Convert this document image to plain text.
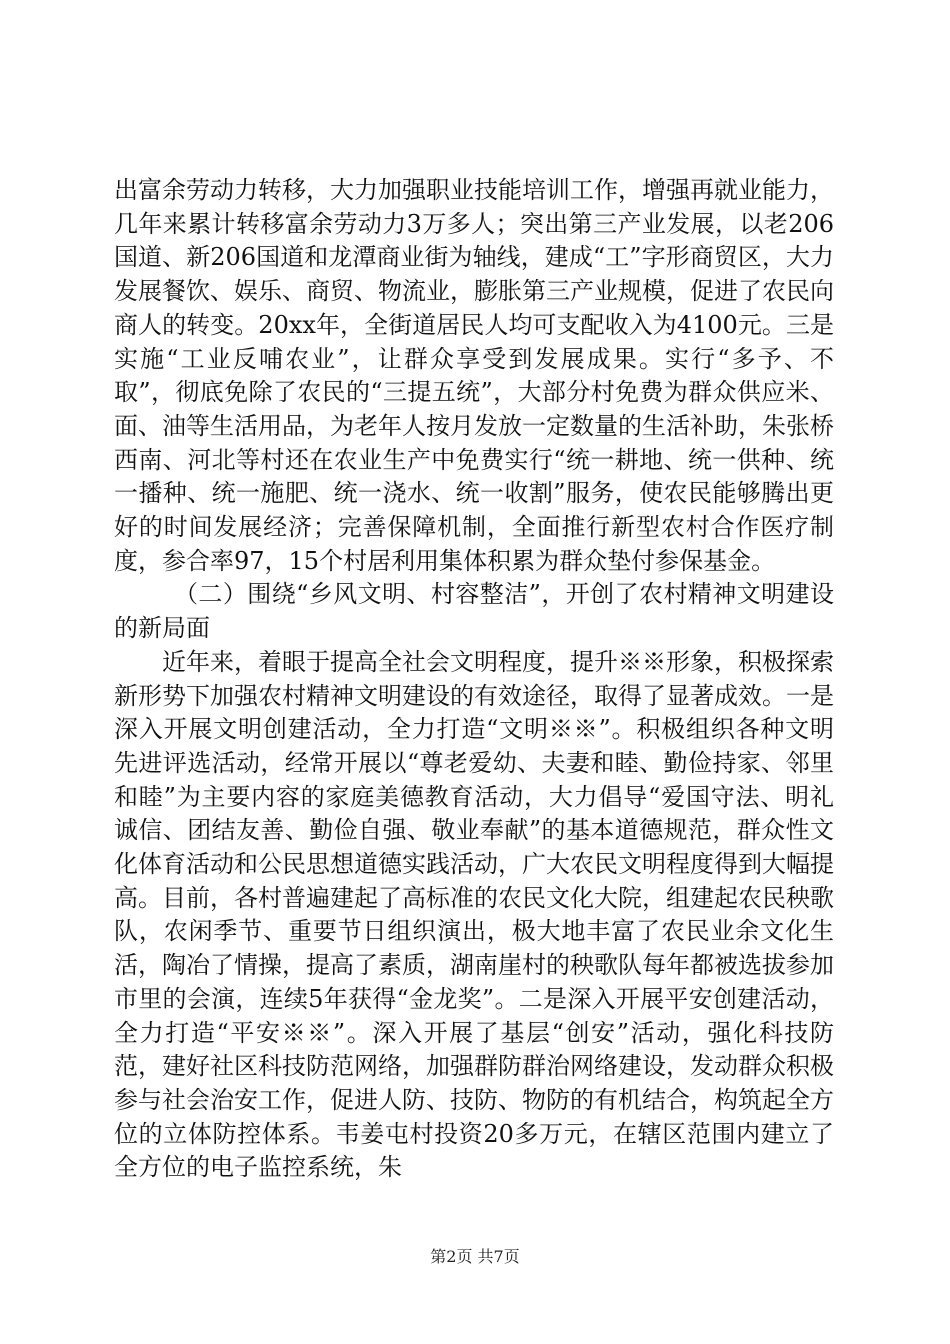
出富余劳动力转移，大力加强职业技能培训工作，增强再就业能力，几年来累计转移富余劳动力3万多人；突出第三产业发展，以老206国道、新206国道和龙潭商业街为轴线，建成“工”字形商贸区，大力发展餐饮、娱乐、商贸、物流业，膨胀第三产业规模，促进了农民向商人的转变。20xx年，全街道居民人均可支配收入为4100元。三是实施“工业反哺农业”，让群众享受到发展成果。实行“多予、不取”，彻底免除了农民的“三提五统”，大部分村免费为群众供应米、面、油等生活用品，为老年人按月发放一定数量的生活补助，朱张桥西南、河北等村还在农业生产中免费实行“统一耕地、统一供种、统一播种、统一施肥、统一浇水、统一收割”服务，使农民能够腾出更好的时间发展经济；完善保障机制，全面推行新型农村合作医疗制度，参合率97，15个村居利用集体积累为群众垫付参保基金。

（二）围绕“乡风文明、村容整洁”，开创了农村精神文明建设的新局面

近年来，着眼于提高全社会文明程度，提升※※形象，积极探索新形势下加强农村精神文明建设的有效途径，取得了显著成效。一是深入开展文明创建活动，全力打造“文明※※”。积极组织各种文明先进评选活动，经常开展以“尊老爱幼、夫妻和睦、勤俭持家、邻里和睦”为主要内容的家庭美德教育活动，大力倡导“爱国守法、明礼诚信、团结友善、勤俭自强、敬业奉献”的基本道德规范，群众性文化体育活动和公民思想道德实践活动，广大农民文明程度得到大幅提高。目前，各村普遍建起了高标准的农民文化大院，组建起农民秧歌队，农闲季节、重要节日组织演出，极大地丰富了农民业余文化生活，陶冶了情操，提高了素质，湖南崖村的秧歌队每年都被选拔参加市里的会演，连续5年获得“金龙奖”。二是深入开展平安创建活动，全力打造“平安※※”。深入开展了基层“创安”活动，强化科技防范，建好社区科技防范网络，加强群防群治网络建设，发动群众积极参与社会治安工作，促进人防、技防、物防的有机结合，构筑起全方位的立体防控体系。韦姜屯村投资20多万元，在辖区范围内建立了全方位的电子监控系统，朱

第2页 共7页
